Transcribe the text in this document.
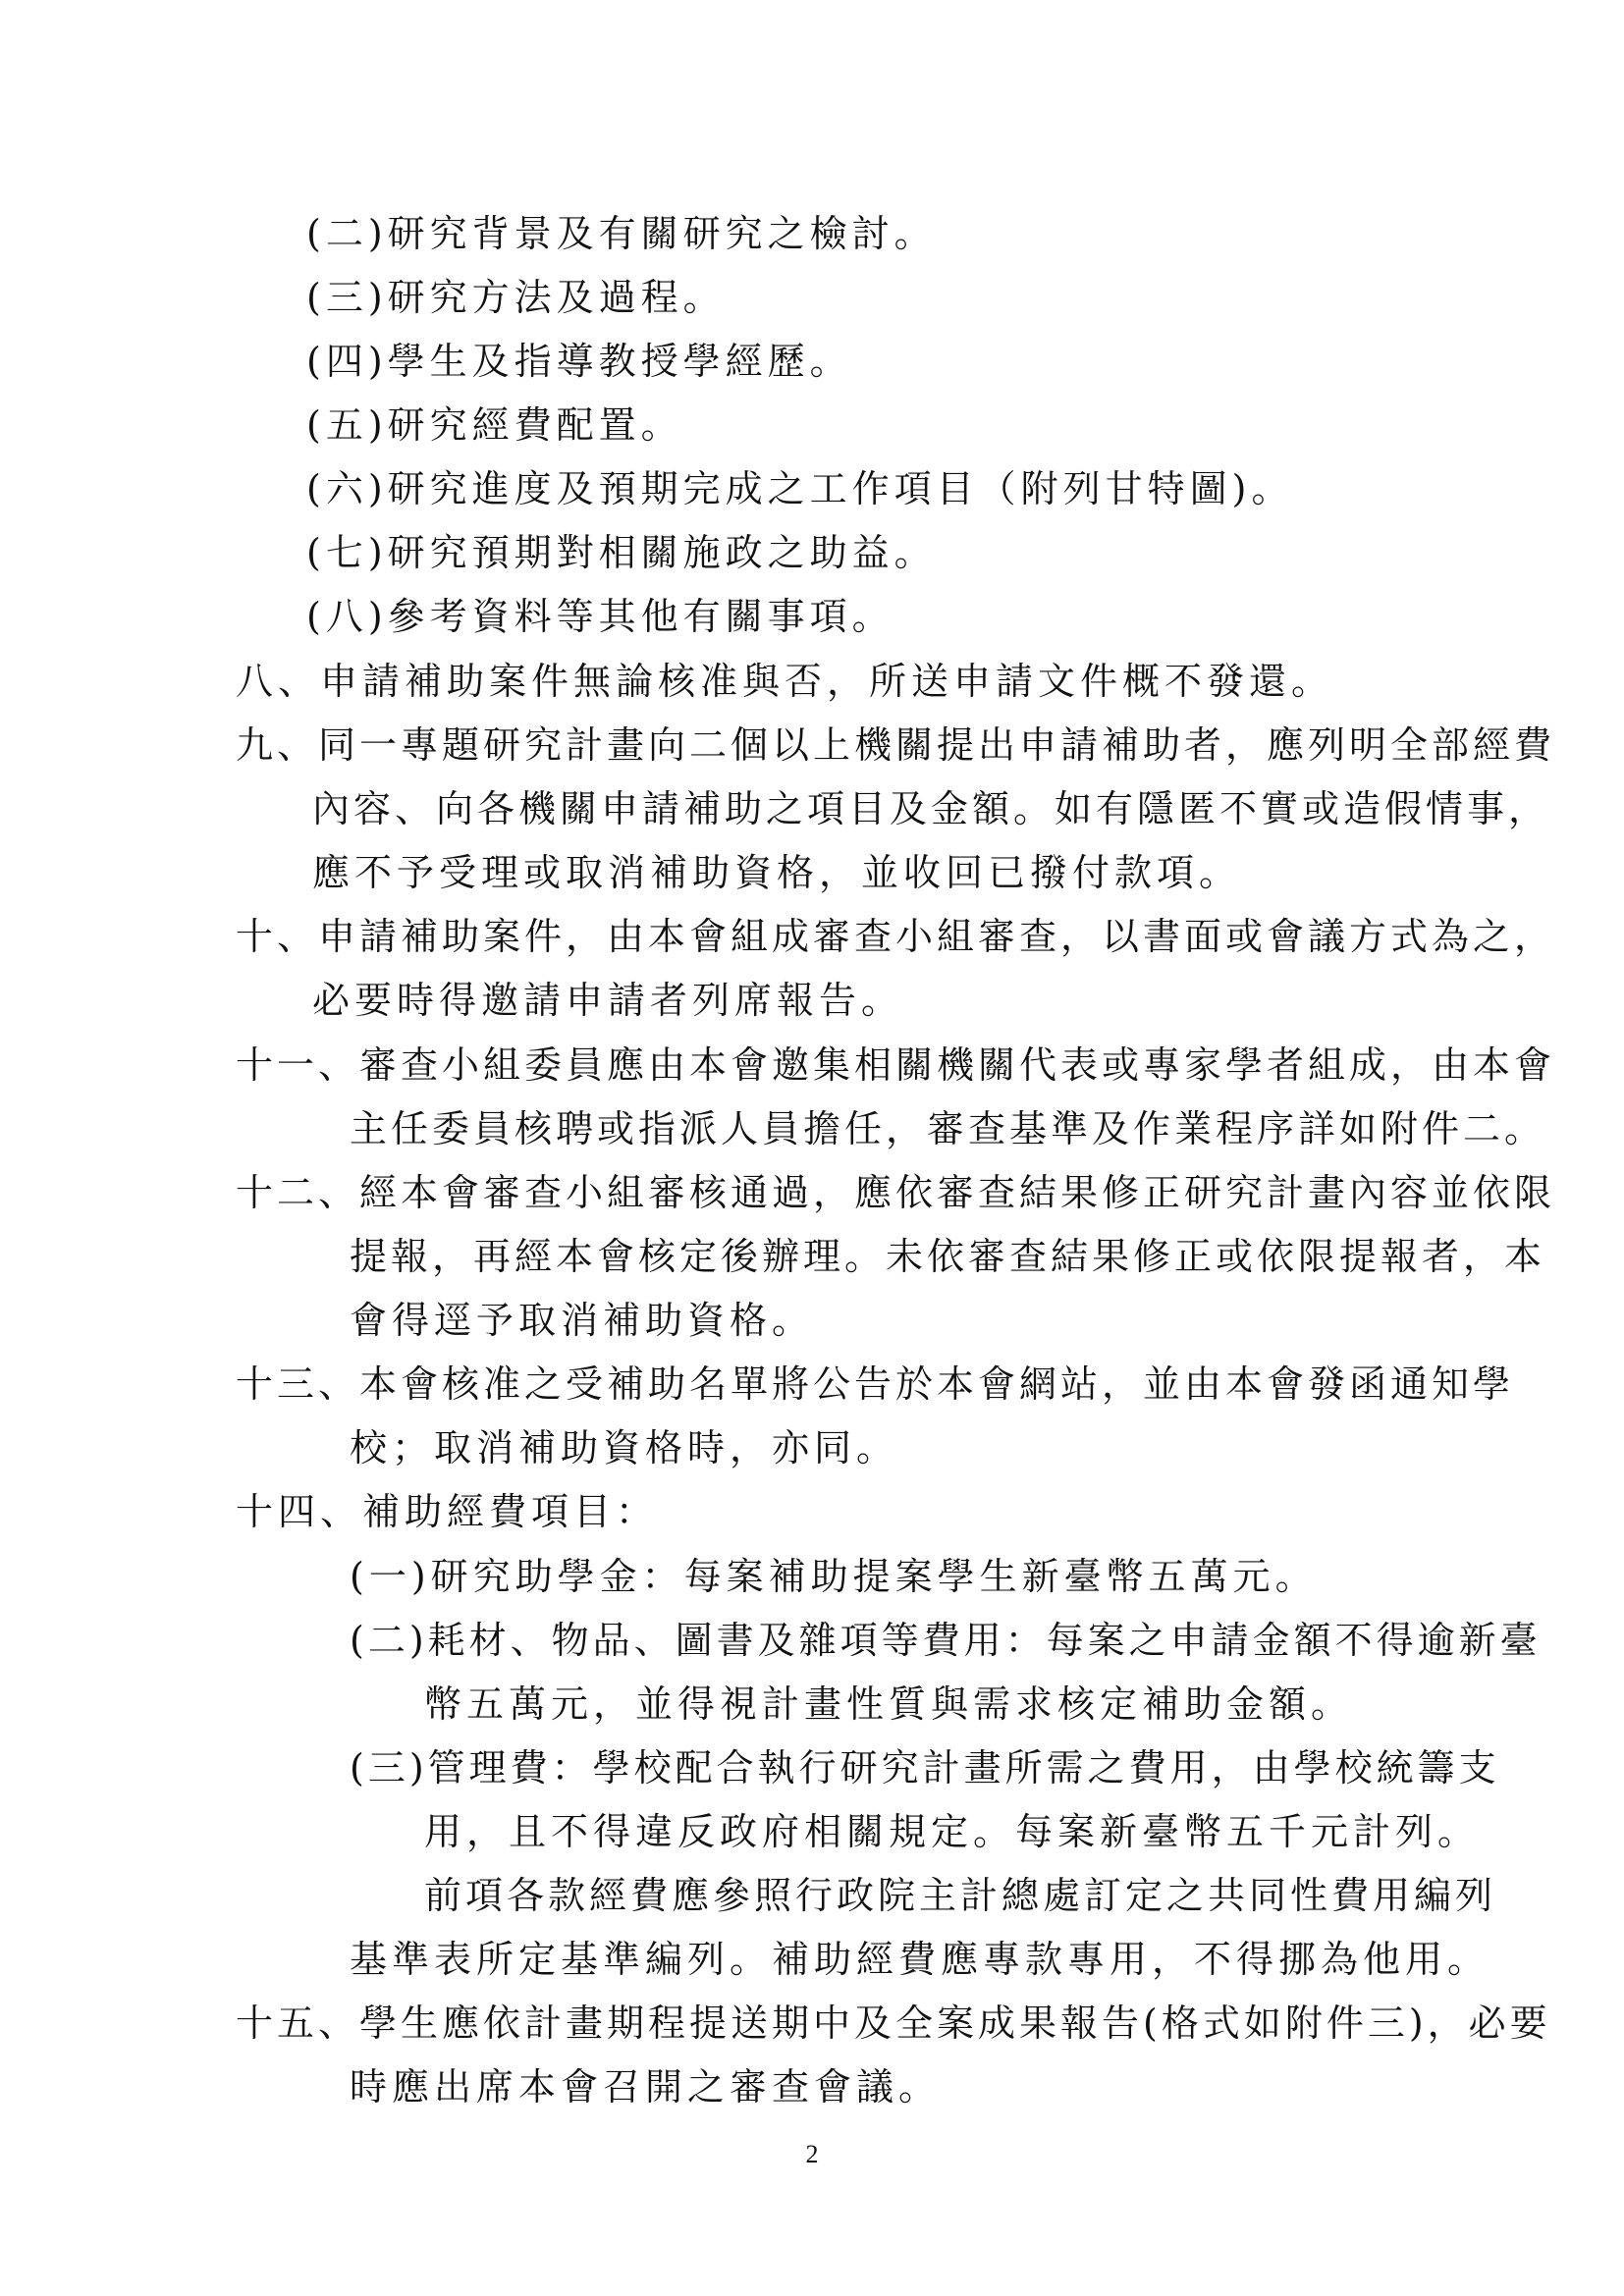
(二)研究背景及有關研究之檢討。
(三)研究方法及過程。
(四)學生及指導教授學經歷。
(五)研究經費配置。
(六)研究進度及預期完成之工作項目（附列甘特圖)。
(七)研究預期對相關施政之助益。
(八)參考資料等其他有關事項。
八、申請補助案件無論核准與否，所送申請文件概不發還。
九、同一專題研究計畫向二個以上機關提出申請補助者，應列明全部經費
內容、向各機關申請補助之項目及金額。如有隱匿不實或造假情事，
應不予受理或取消補助資格，並收回已撥付款項。
十、申請補助案件，由本會組成審查小組審查，以書面或會議方式為之，
必要時得邀請申請者列席報告。
十一、審查小組委員應由本會邀集相關機關代表或專家學者組成，由本會
主任委員核聘或指派人員擔任，審查基準及作業程序詳如附件二。
十二、經本會審查小組審核通過，應依審查結果修正研究計畫內容並依限
提報，再經本會核定後辦理。未依審查結果修正或依限提報者，本
會得逕予取消補助資格。
十三、本會核准之受補助名單將公告於本會網站，並由本會發函通知學
校；取消補助資格時，亦同。
十四、補助經費項目：
(一)研究助學金：每案補助提案學生新臺幣五萬元。
(二)耗材、物品、圖書及雜項等費用：每案之申請金額不得逾新臺
幣五萬元，並得視計畫性質與需求核定補助金額。
(三)管理費：學校配合執行研究計畫所需之費用，由學校統籌支
用，且不得違反政府相關規定。每案新臺幣五千元計列。
前項各款經費應參照行政院主計總處訂定之共同性費用編列
基準表所定基準編列。補助經費應專款專用，不得挪為他用。
十五、學生應依計畫期程提送期中及全案成果報告(格式如附件三)，必要
時應出席本會召開之審查會議。
2
